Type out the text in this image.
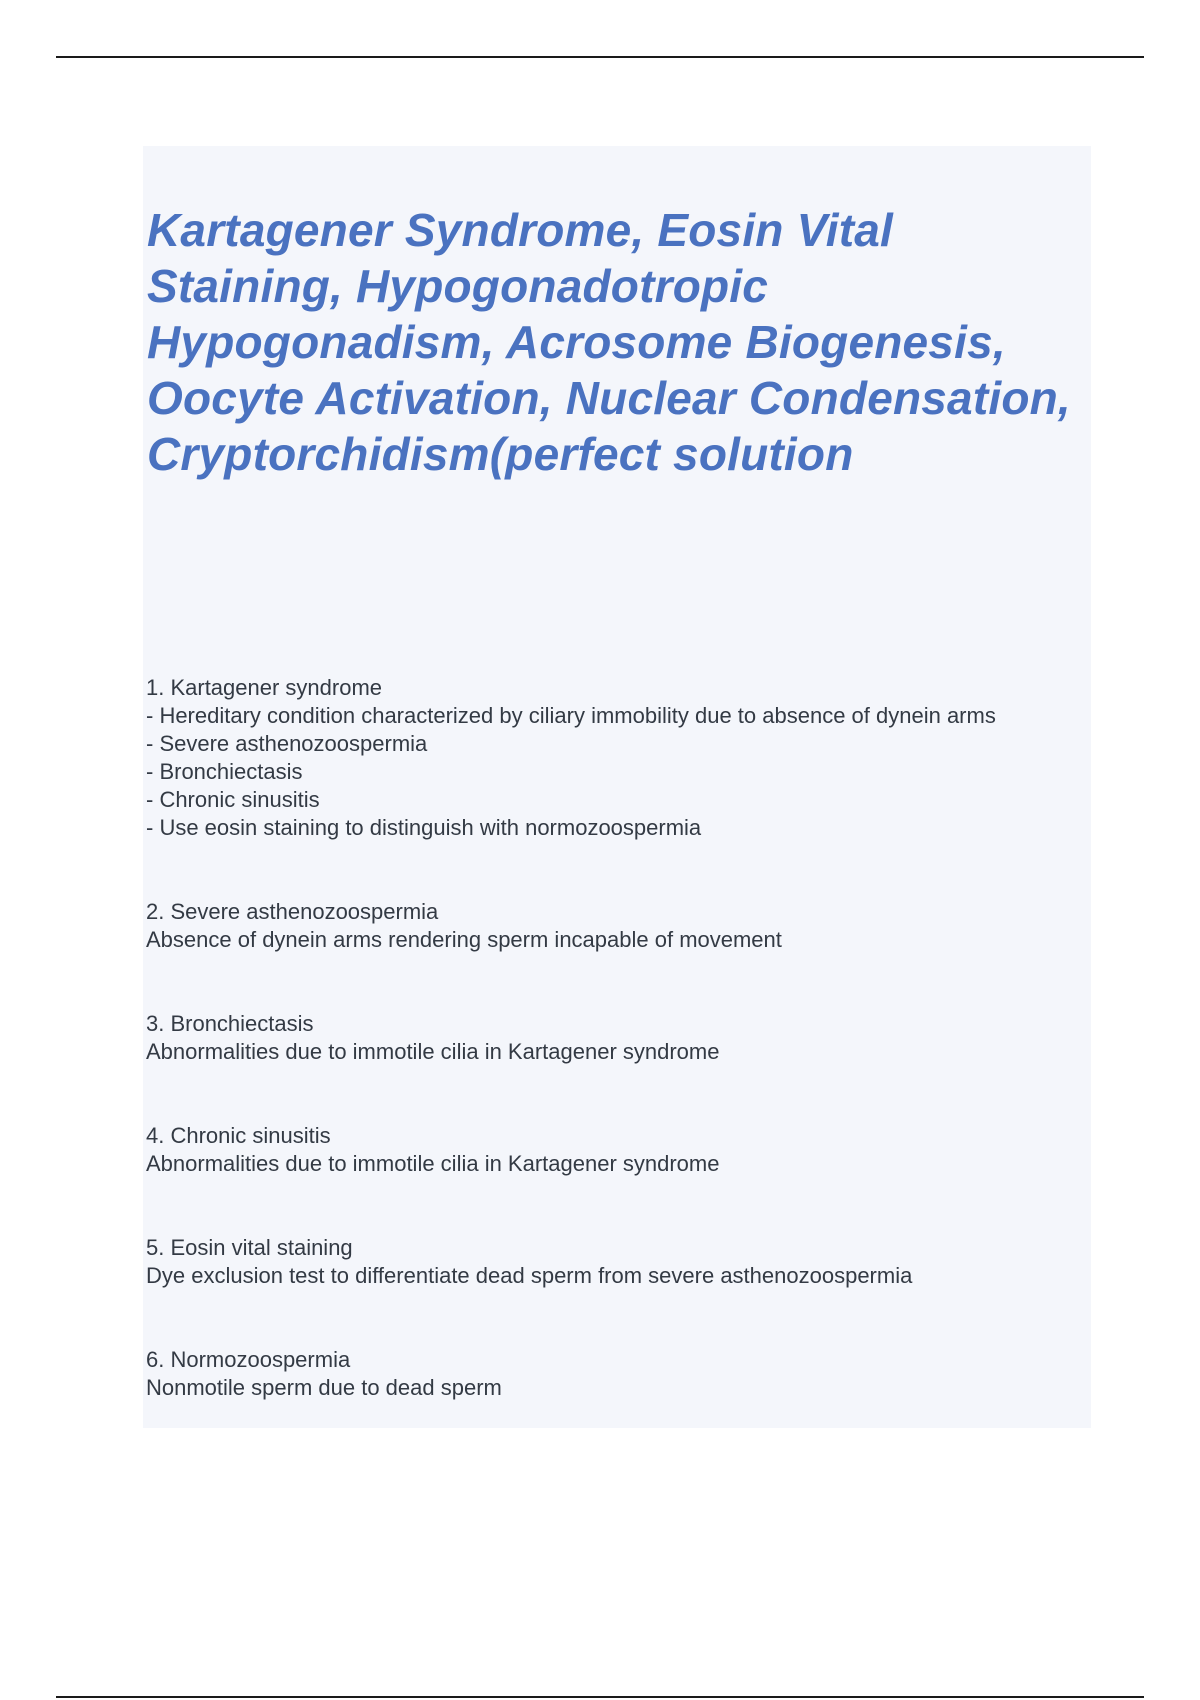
Kartagener Syndrome, Eosin Vital Staining, Hypogonadotropic Hypogonadism, Acrosome Biogenesis, Oocyte Activation, Nuclear Condensation, Cryptorchidism(perfect solution

1. Kartagener syndrome

- Hereditary condition characterized by ciliary immobility due to absence of dynein arms

- Severe asthenozoospermia

- Bronchiectasis

- Chronic sinusitis

- Use eosin staining to distinguish with normozoospermia

2. Severe asthenozoospermia

Absence of dynein arms rendering sperm incapable of movement

3. Bronchiectasis

Abnormalities due to immotile cilia in Kartagener syndrome

4. Chronic sinusitis

Abnormalities due to immotile cilia in Kartagener syndrome

5. Eosin vital staining

Dye exclusion test to differentiate dead sperm from severe asthenozoospermia

6. Normozoospermia

Nonmotile sperm due to dead sperm
